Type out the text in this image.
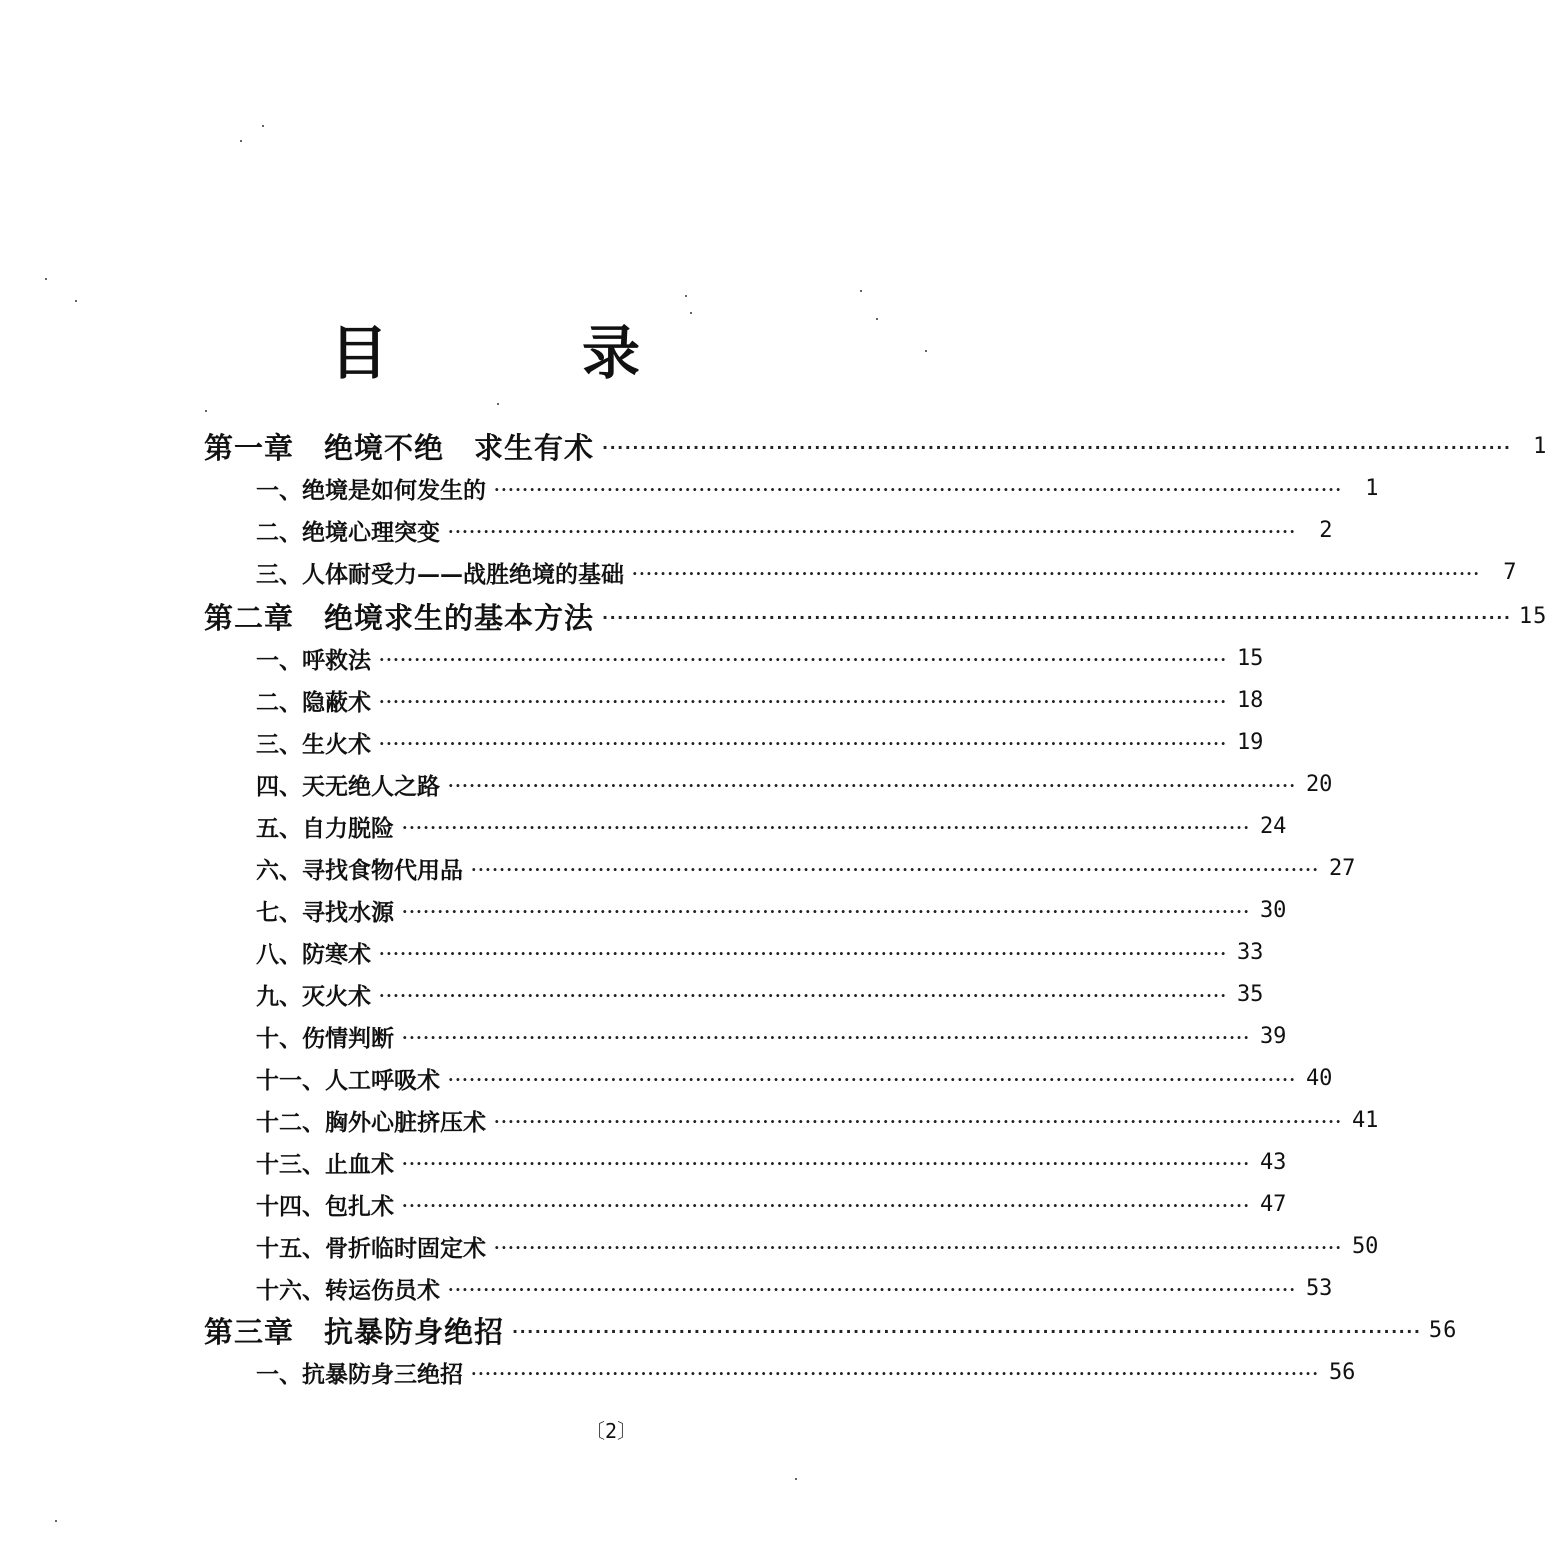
目　录
第一章　绝境不绝　求生有术 ························································································································ 1
一、绝境是如何发生的 ························································································································	1
二、绝境心理突变 ························································································································	2
三、人体耐受力——战胜绝境的基础 ························································································································	7
第二章　绝境求生的基本方法 ························································································································ 15
一、呼救法 ························································································································ 15
二、隐蔽术 ························································································································ 18
三、生火术 ························································································································ 19
四、天无绝人之路 ························································································································ 20
五、自力脱险 ························································································································ 24
六、寻找食物代用品 ························································································································ 27
七、寻找水源 ························································································································ 30
八、防寒术 ························································································································ 33
九、灭火术 ························································································································ 35
十、伤情判断 ························································································································ 39
十一、人工呼吸术 ························································································································ 40
十二、胸外心脏挤压术 ························································································································ 41
十三、止血术 ························································································································ 43
十四、包扎术 ························································································································ 47
十五、骨折临时固定术 ························································································································ 50
十六、转运伤员术 ························································································································ 53
第三章　抗暴防身绝招 ························································································································ 56
一、抗暴防身三绝招 ························································································································ 56
〔2〕
